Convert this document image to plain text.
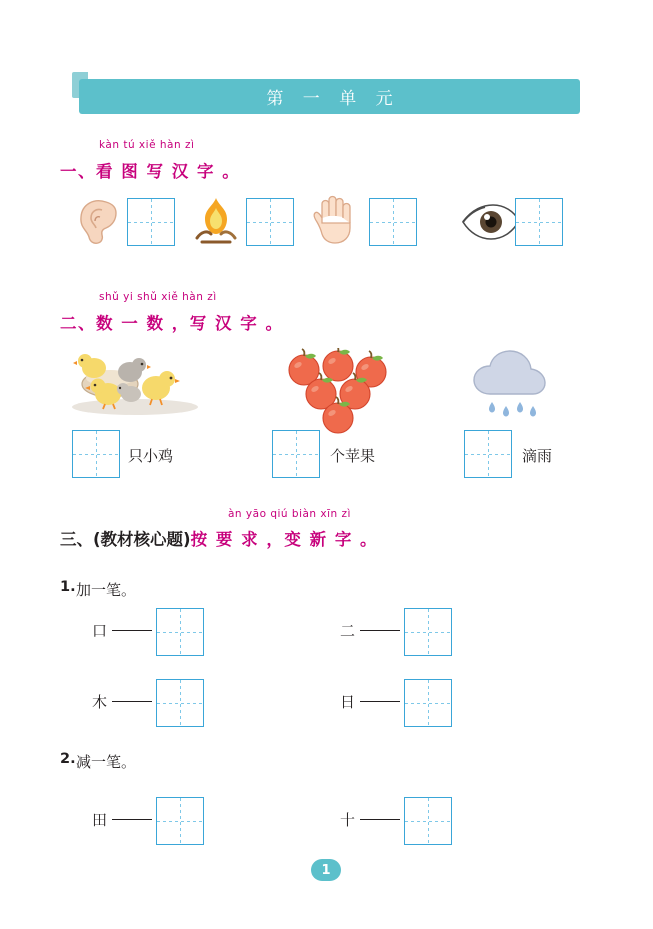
第 一 单 元
kàn tú xiě hàn zì
一、看 图 写 汉 字 。
shǔ yi shǔ xiě hàn zì
二、数 一 数 ，写 汉 字 。
只小鸡	个苹果	滴雨
àn yāo qiú biàn xīn zì
三、(教材核心题)按 要 求 ，变 新 字 。
1. 加一笔。
口	二
木	日
2. 减一笔。
田	十
1
